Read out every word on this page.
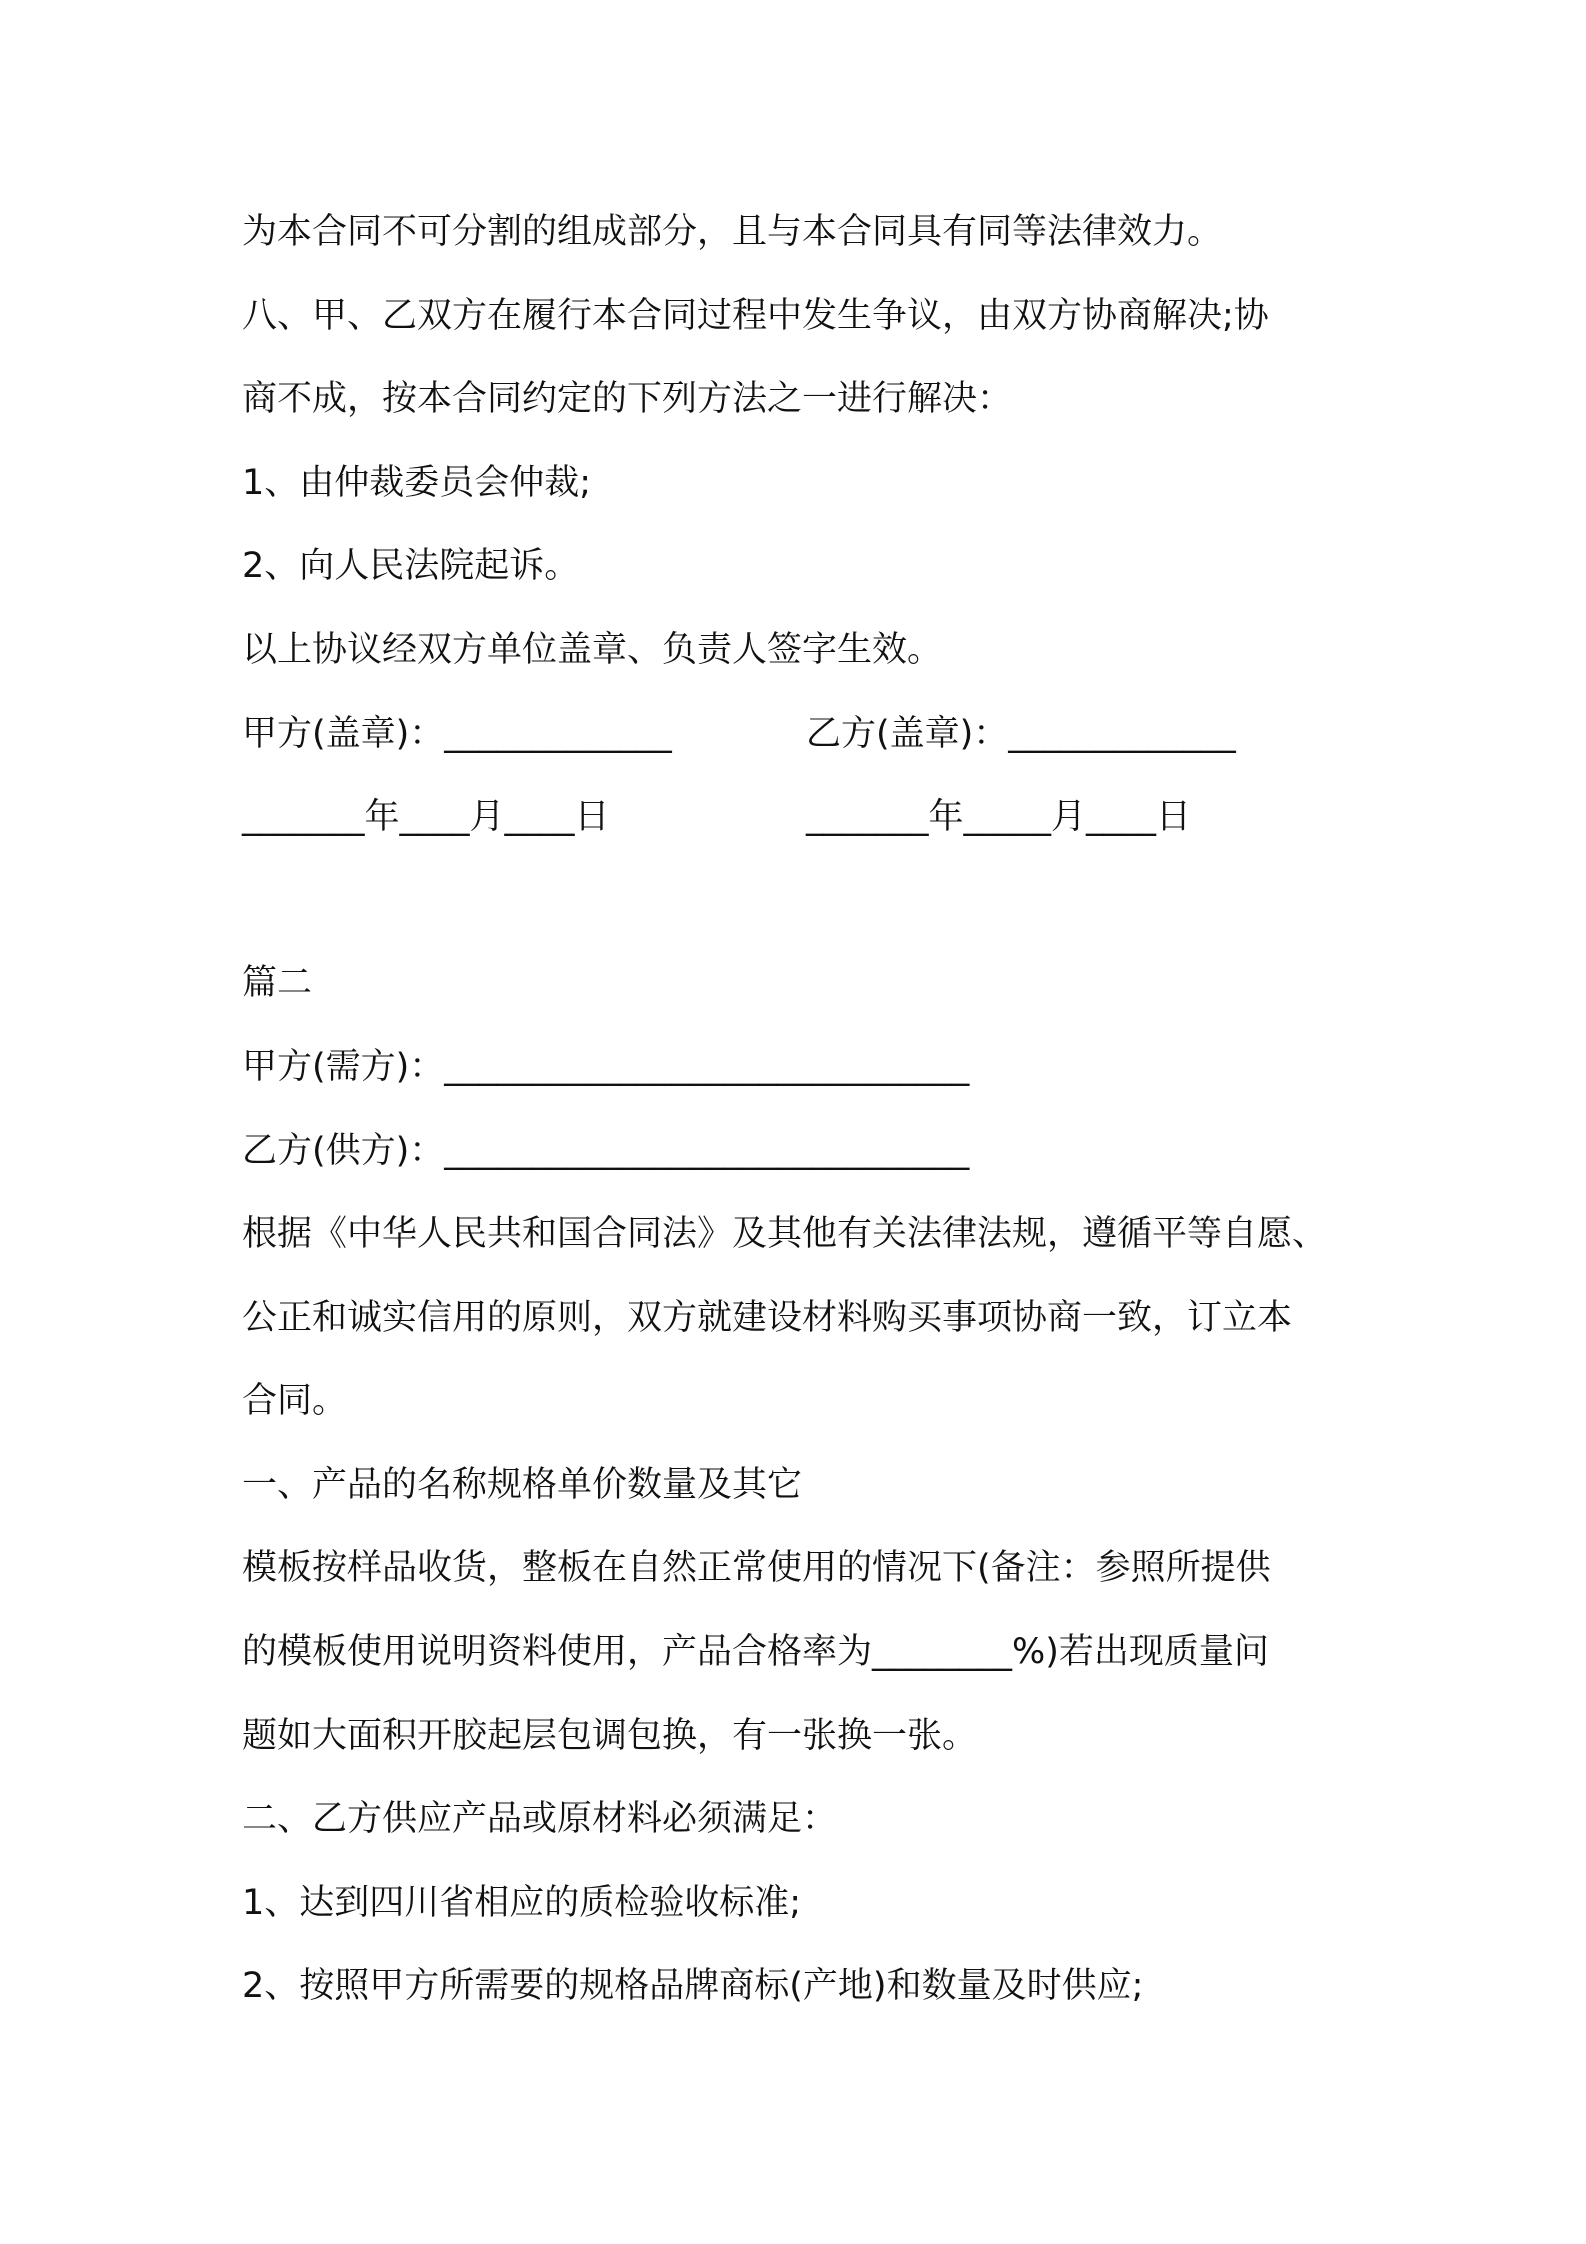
为本合同不可分割的组成部分，且与本合同具有同等法律效力。
八、甲、乙双方在履行本合同过程中发生争议，由双方协商解决;协
商不成，按本合同约定的下列方法之一进行解决：
1、由仲裁委员会仲裁;
2、向人民法院起诉。
以上协议经双方单位盖章、负责人签字生效。
甲方(盖章)：_____________	乙方(盖章)：_____________
_______年____月____日	_______年_____月____日
篇二
甲方(需方)：______________________________
乙方(供方)：______________________________
根据《中华人民共和国合同法》及其他有关法律法规，遵循平等自愿、
公正和诚实信用的原则，双方就建设材料购买事项协商一致，订立本
合同。
一、产品的名称规格单价数量及其它
模板按样品收货，整板在自然正常使用的情况下(备注：参照所提供
的模板使用说明资料使用，产品合格率为________%)若出现质量问
题如大面积开胶起层包调包换，有一张换一张。
二、乙方供应产品或原材料必须满足：
1、达到四川省相应的质检验收标准;
2、按照甲方所需要的规格品牌商标(产地)和数量及时供应;
